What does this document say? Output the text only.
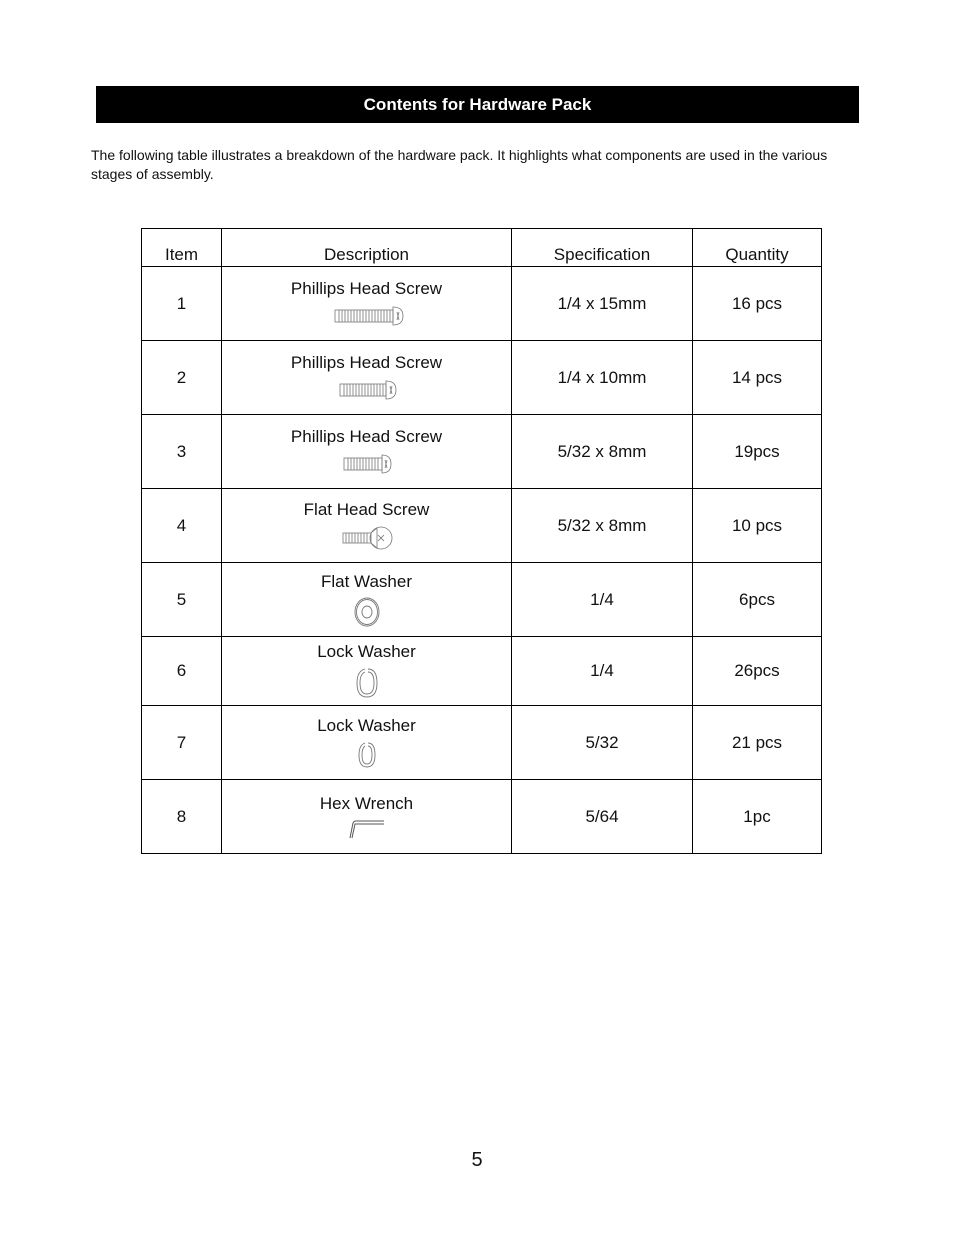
Contents for Hardware Pack
The following table illustrates a breakdown of the hardware pack. It highlights what components are used in the various stages of assembly.
Item	Description	Specification	Quantity
1	Phillips Head Screw	1/4 x 15mm	16 pcs
2	Phillips Head Screw	1/4 x 10mm	14 pcs
3	Phillips Head Screw	5/32 x 8mm	19pcs
4	Flat Head Screw	5/32 x 8mm	10 pcs
5	Flat Washer	1/4	6pcs
6	Lock Washer	1/4	26pcs
7	Lock Washer	5/32	21 pcs
8	Hex Wrench	5/64	1pc
5
